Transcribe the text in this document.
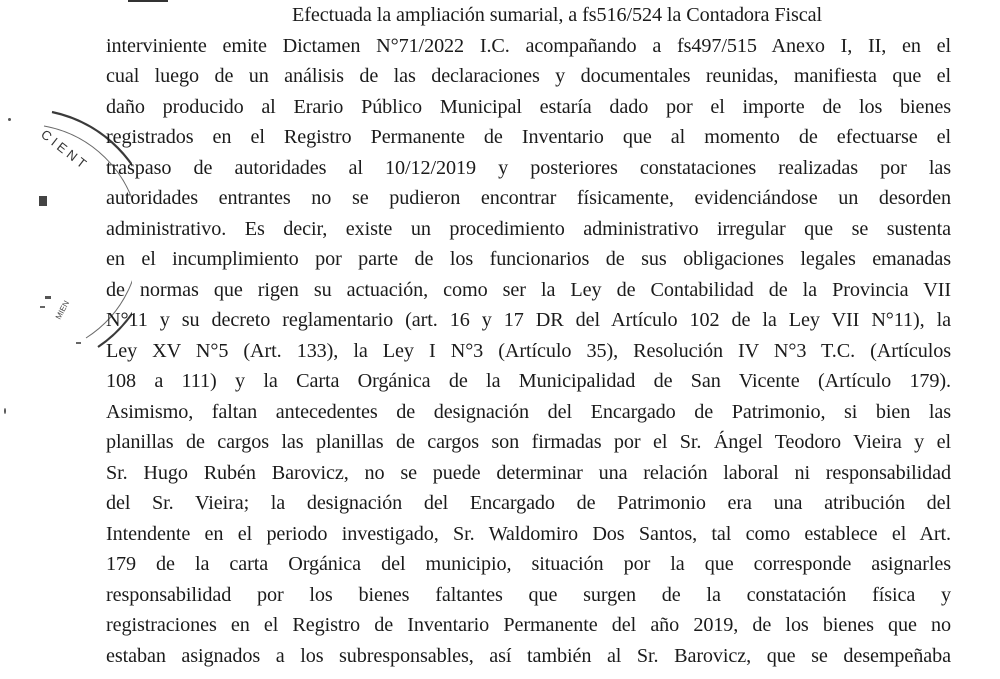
C I E N T
MIEN
Efectuada la ampliación sumarial, a fs516/524 la Contadora Fiscal
interviniente emite Dictamen N°71/2022 I.C. acompañando a fs497/515 Anexo I, II, en el
cual luego de un análisis de las declaraciones y documentales reunidas, manifiesta que el
daño producido al Erario Público Municipal estaría dado por el importe de los bienes
registrados en el Registro Permanente de Inventario que al momento de efectuarse el
traspaso de autoridades al 10/12/2019 y posteriores constataciones realizadas por las
autoridades entrantes no se pudieron encontrar físicamente, evidenciándose un desorden
administrativo. Es decir, existe un procedimiento administrativo irregular que se sustenta
en el incumplimiento por parte de los funcionarios de sus obligaciones legales emanadas
de normas que rigen su actuación, como ser la Ley de Contabilidad de la Provincia VII
N°11 y su decreto reglamentario (art. 16 y 17 DR del Artículo 102 de la Ley VII N°11), la
Ley XV N°5 (Art. 133), la Ley I N°3 (Artículo 35), Resolución IV N°3 T.C. (Artículos
108 a 111) y la Carta Orgánica de la Municipalidad de San Vicente (Artículo 179).
Asimismo, faltan antecedentes de designación del Encargado de Patrimonio, si bien las
planillas de cargos las planillas de cargos son firmadas por el Sr. Ángel Teodoro Vieira y el
Sr. Hugo Rubén Barovicz, no se puede determinar una relación laboral ni responsabilidad
del Sr. Vieira; la designación del Encargado de Patrimonio era una atribución del
Intendente en el periodo investigado, Sr. Waldomiro Dos Santos, tal como establece el Art.
179 de la carta Orgánica del municipio, situación por la que corresponde asignarles
responsabilidad por los bienes faltantes que surgen de la constatación física y
registraciones en el Registro de Inventario Permanente del año 2019, de los bienes que no
estaban asignados a los subresponsables, así también al Sr. Barovicz, que se desempeñaba
